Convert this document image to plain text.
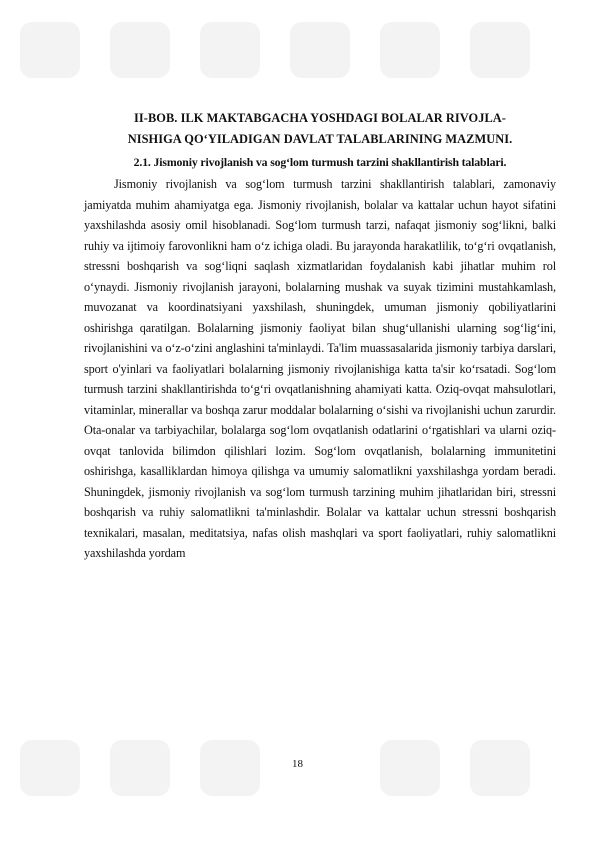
II-BOB. ILK MAKTABGACHA YOSHDAGI BOLALAR RIVOJLA-

NISHIGA QO‘YILADIGAN DAVLAT TALABLARINING MAZMUNI.

2.1. Jismoniy rivojlanish va sog‘lom turmush tarzini shakllantirish talablari.

Jismoniy rivojlanish va sog‘lom turmush tarzini shakllantirish talablari, zamonaviy jamiyatda muhim ahamiyatga ega. Jismoniy rivojlanish, bolalar va kattalar uchun hayot sifatini yaxshilashda asosiy omil hisoblanadi. Sog‘lom turmush tarzi, nafaqat jismoniy sog‘likni, balki ruhiy va ijtimoiy farovonlikni ham o‘z ichiga oladi. Bu jarayonda harakatlilik, to‘g‘ri ovqatlanish, stressni boshqarish va sog‘liqni saqlash xizmatlaridan foydalanish kabi jihatlar muhim rol o‘ynaydi. Jismoniy rivojlanish jarayoni, bolalarning mushak va suyak tizimini mustahkamlash, muvozanat va koordinatsiyani yaxshilash, shuningdek, umuman jismoniy qobiliyatlarini oshirishga qaratilgan. Bolalarning jismoniy faoliyat bilan shug‘ullanishi ularning sog‘lig‘ini, rivojlanishini va o‘z-o‘zini anglashini ta'minlaydi. Ta'lim muassasalarida jismoniy tarbiya darslari, sport o'yinlari va faoliyatlari bolalarning jismoniy rivojlanishiga katta ta'sir ko‘rsatadi. Sog‘lom turmush tarzini shakllantirishda to‘g‘ri ovqatlanishning ahamiyati katta. Oziq-ovqat mahsulotlari, vitaminlar, minerallar va boshqa zarur moddalar bolalarning o‘sishi va rivojlanishi uchun zarurdir. Ota-onalar va tarbiyachilar, bolalarga sog‘lom ovqatlanish odatlarini o‘rgatishlari va ularni oziq-ovqat tanlovida bilimdon qilishlari lozim. Sog‘lom ovqatlanish, bolalarning immunitetini oshirishga, kasalliklardan himoya qilishga va umumiy salomatlikni yaxshilashga yordam beradi. Shuningdek, jismoniy rivojlanish va sog‘lom turmush tarzining muhim jihatlaridan biri, stressni boshqarish va ruhiy salomatlikni ta'minlashdir. Bolalar va kattalar uchun stressni boshqarish texnikalari, masalan, meditatsiya, nafas olish mashqlari va sport faoliyatlari, ruhiy salomatlikni yaxshilashda yordam

18
